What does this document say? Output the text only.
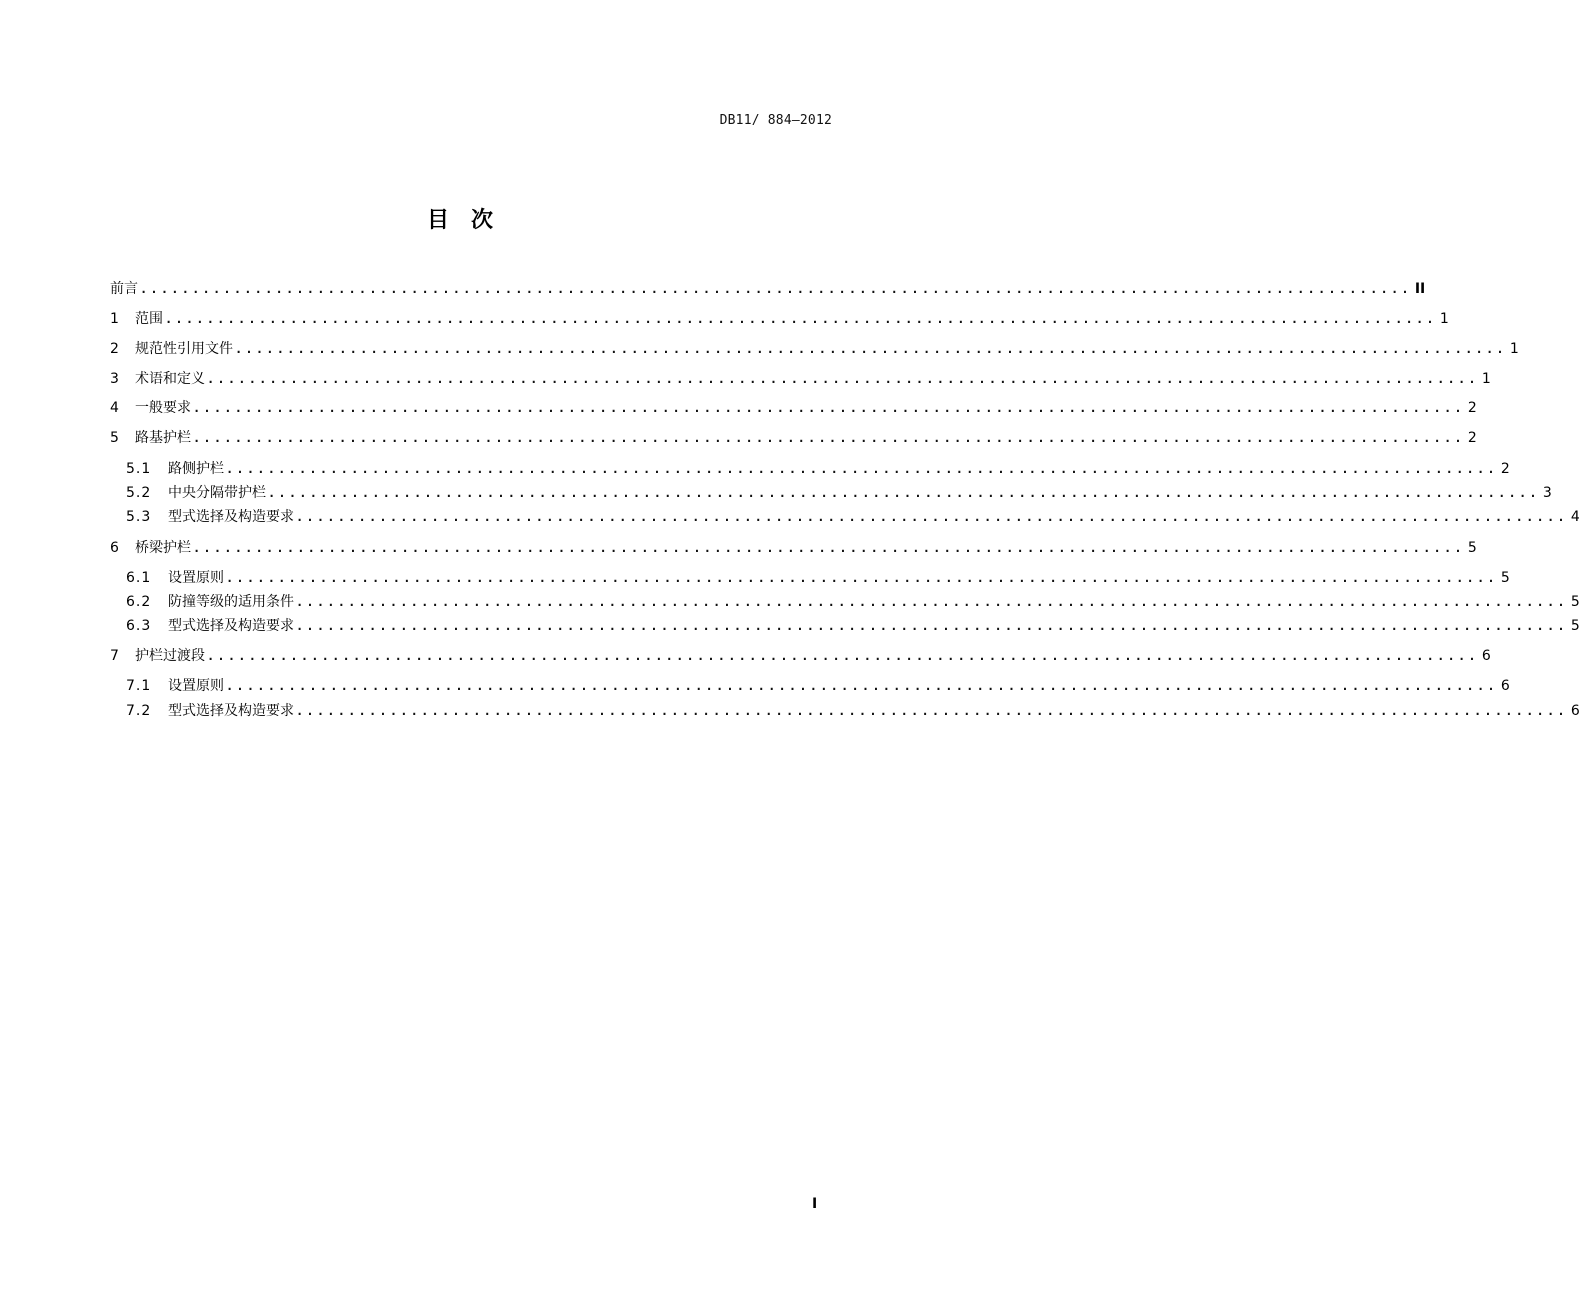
DB11/ 884—2012
目次
前言 .......................................................................................................................... II
1	范围 .......................................................................................................................... 1
2	规范性引用文件 .......................................................................................................................... 1
3	术语和定义 .......................................................................................................................... 1
4	一般要求 .......................................................................................................................... 2
5	路基护栏 .......................................................................................................................... 2
5.1	路侧护栏 .......................................................................................................................... 2
5.2	中央分隔带护栏 .......................................................................................................................... 3
5.3	型式选择及构造要求 .......................................................................................................................... 4
6	桥梁护栏 .......................................................................................................................... 5
6.1	设置原则 .......................................................................................................................... 5
6.2	防撞等级的适用条件 .......................................................................................................................... 5
6.3	型式选择及构造要求 .......................................................................................................................... 5
7	护栏过渡段 .......................................................................................................................... 6
7.1	设置原则 .......................................................................................................................... 6
7.2	型式选择及构造要求 .......................................................................................................................... 6
I
